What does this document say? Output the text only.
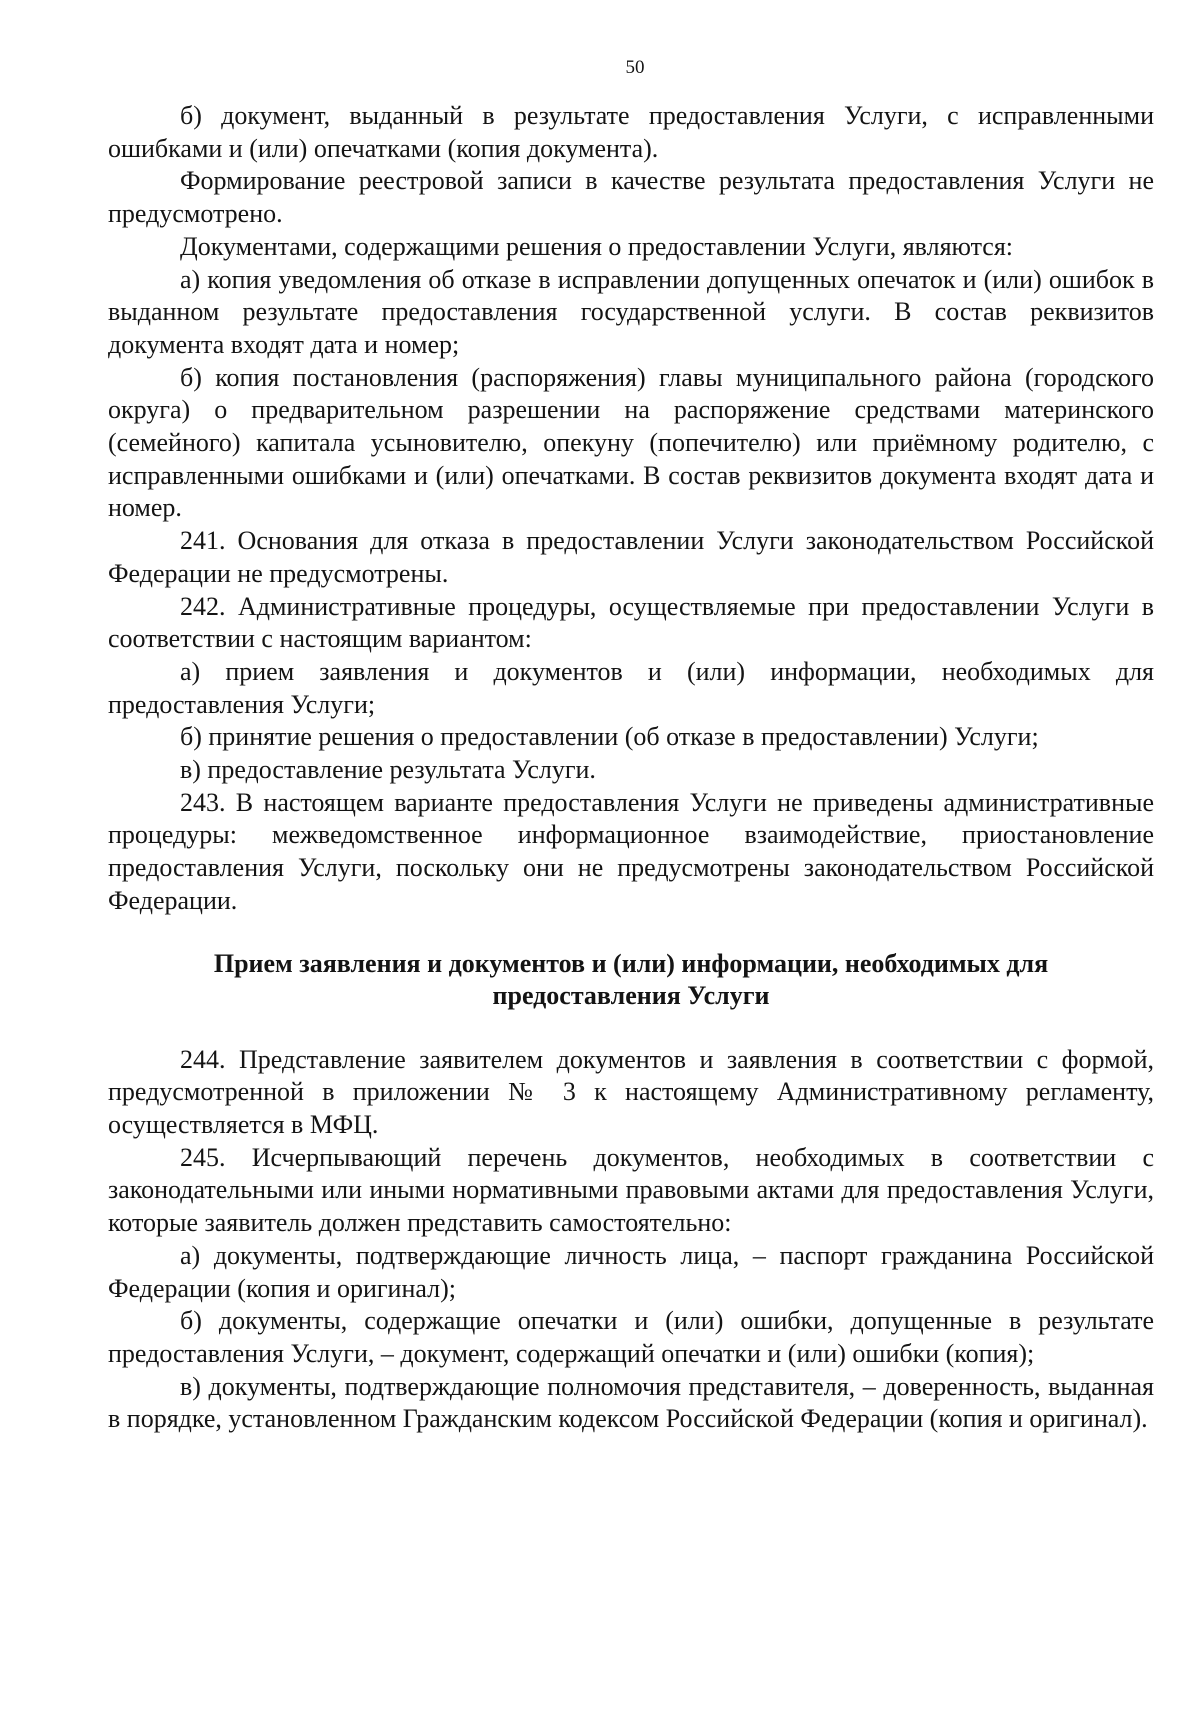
50

б) документ, выданный в результате предоставления Услуги, с исправленными ошибками и (или) опечатками (копия документа).

Формирование реестровой записи в качестве результата предоставления Услуги не предусмотрено.

Документами, содержащими решения о предоставлении Услуги, являются:

а) копия уведомления об отказе в исправлении допущенных опечаток и (или) ошибок в выданном результате предоставления государственной услуги. В состав реквизитов документа входят дата и номер;

б) копия постановления (распоряжения) главы муниципального района (городского округа) о предварительном разрешении на распоряжение средствами материнского (семейного) капитала усыновителю, опекуну (попечителю) или приёмному родителю, с исправленными ошибками и (или) опечатками. В состав реквизитов документа входят дата и номер.

241. Основания для отказа в предоставлении Услуги законодательством Российской Федерации не предусмотрены.

242. Административные процедуры, осуществляемые при предоставлении Услуги в соответствии с настоящим вариантом:

а) прием заявления и документов и (или) информации, необходимых для предоставления Услуги;

б) принятие решения о предоставлении (об отказе в предоставлении) Услуги;

в) предоставление результата Услуги.

243. В настоящем варианте предоставления Услуги не приведены административные процедуры: межведомственное информационное взаимодействие, приостановление предоставления Услуги, поскольку они не предусмотрены законодательством Российской Федерации.

Прием заявления и документов и (или) информации, необходимых для предоставления Услуги

244. Представление заявителем документов и заявления в соответствии с формой, предусмотренной в приложении № 3 к настоящему Административному регламенту, осуществляется в МФЦ.

245. Исчерпывающий перечень документов, необходимых в соответствии с законодательными или иными нормативными правовыми актами для предоставления Услуги, которые заявитель должен представить самостоятельно:

а) документы, подтверждающие личность лица, – паспорт гражданина Российской Федерации (копия и оригинал);

б) документы, содержащие опечатки и (или) ошибки, допущенные в результате предоставления Услуги, – документ, содержащий опечатки и (или) ошибки (копия);

в) документы, подтверждающие полномочия представителя, – доверенность, выданная в порядке, установленном Гражданским кодексом Российской Федерации (копия и оригинал).
